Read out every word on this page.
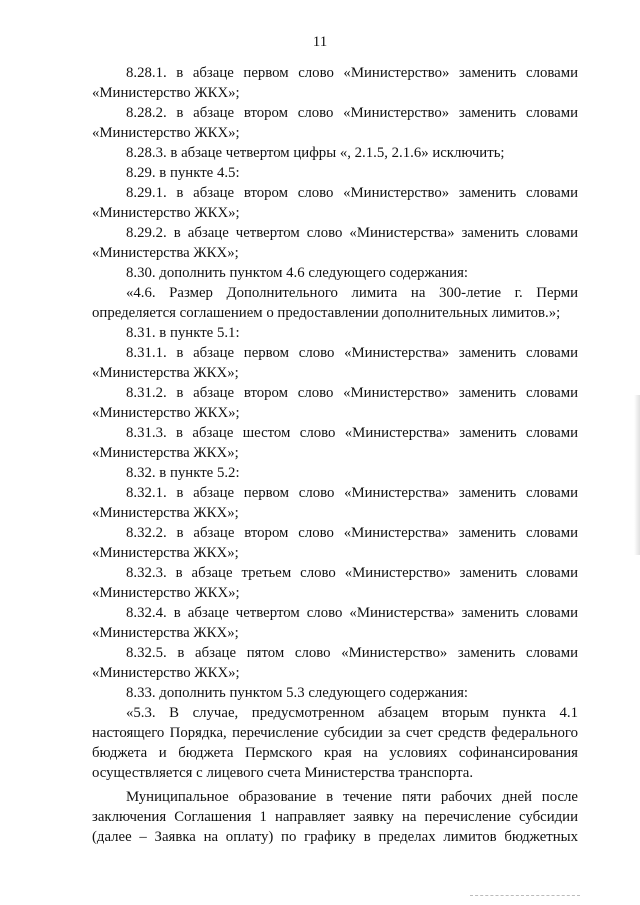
11

8.28.1. в абзаце первом слово «Министерство» заменить словами «Министерство ЖКХ»;

8.28.2. в абзаце втором слово «Министерство» заменить словами «Министерство ЖКХ»;

8.28.3. в абзаце четвертом цифры «, 2.1.5, 2.1.6» исключить;

8.29. в пункте 4.5:

8.29.1. в абзаце втором слово «Министерство» заменить словами «Министерство ЖКХ»;

8.29.2. в абзаце четвертом слово «Министерства» заменить словами «Министерства ЖКХ»;

8.30. дополнить пунктом 4.6 следующего содержания:

«4.6. Размер Дополнительного лимита на 300-летие г. Перми определяется соглашением о предоставлении дополнительных лимитов.»;

8.31. в пункте 5.1:

8.31.1. в абзаце первом слово «Министерства» заменить словами «Министерства ЖКХ»;

8.31.2. в абзаце втором слово «Министерство» заменить словами «Министерство ЖКХ»;

8.31.3. в абзаце шестом слово «Министерства» заменить словами «Министерства ЖКХ»;

8.32. в пункте 5.2:

8.32.1. в абзаце первом слово «Министерства» заменить словами «Министерства ЖКХ»;

8.32.2. в абзаце втором слово «Министерства» заменить словами «Министерства ЖКХ»;

8.32.3. в абзаце третьем слово «Министерство» заменить словами «Министерство ЖКХ»;

8.32.4. в абзаце четвертом слово «Министерства» заменить словами «Министерства ЖКХ»;

8.32.5. в абзаце пятом слово «Министерство» заменить словами «Министерство ЖКХ»;

8.33. дополнить пунктом 5.3 следующего содержания:

«5.3. В случае, предусмотренном абзацем вторым пункта 4.1 настоящего Порядка, перечисление субсидии за счет средств федерального бюджета и бюджета Пермского края на условиях софинансирования осуществляется с лицевого счета Министерства транспорта.

Муниципальное образование в течение пяти рабочих дней после заключения Соглашения 1 направляет заявку на перечисление субсидии (далее – Заявка на оплату) по графику в пределах лимитов бюджетных
